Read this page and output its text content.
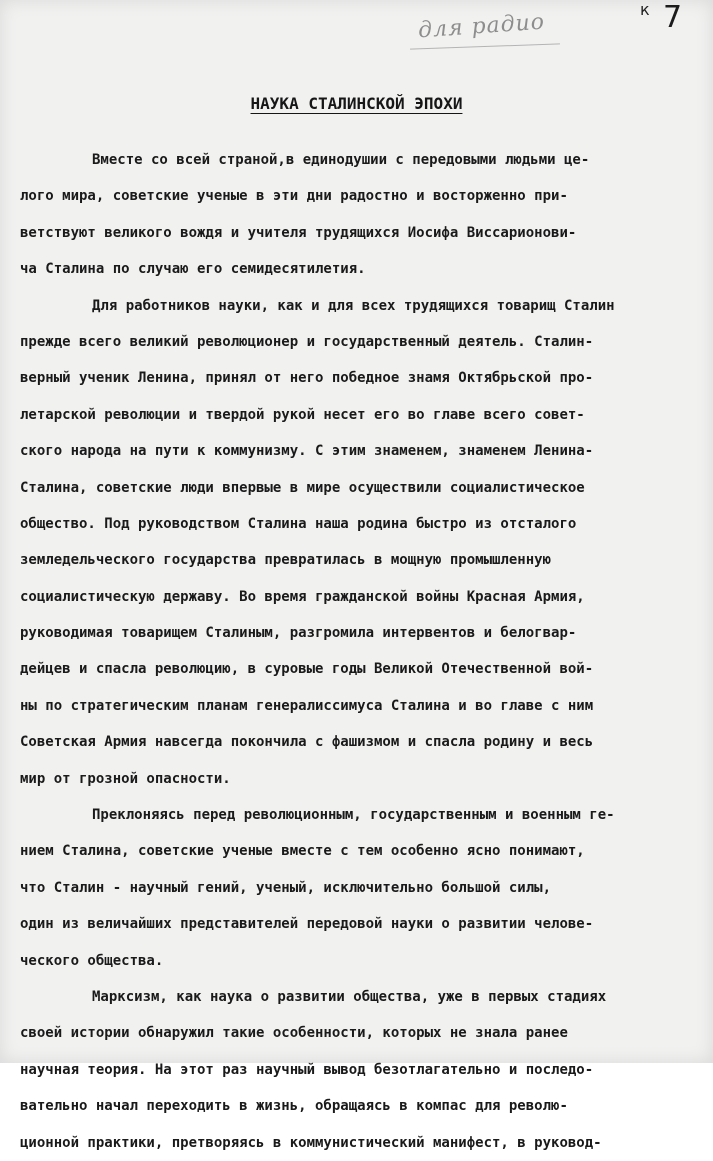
к 7
для радио
НАУКА СТАЛИНСКОЙ ЭПОХИ

Вместе со всей страной,в единодушии с передовыми людьми це-

лого мира, советские ученые в эти дни радостно и восторженно при-

ветствуют великого вождя и учителя трудящихся Иосифа Виссарионови-

ча Сталина по случаю его семидесятилетия.

Для работников науки, как и для всех трудящихся товарищ Сталин

прежде всего великий революционер и государственный деятель. Сталин-

верный ученик Ленина, принял от него победное знамя Октябрьской про-

летарской революции и твердой рукой несет его во главе всего совет-

ского народа на пути к коммунизму. С этим знаменем, знаменем Ленина-

Сталина, советские люди впервые в мире осуществили социалистическое

общество. Под руководством Сталина наша родина быстро из отсталого

земледельческого государства превратилась в мощную промышленную

социалистическую державу. Во время гражданской войны Красная Армия,

руководимая товарищем Сталиным, разгромила интервентов и белогвар-

дейцев и спасла революцию, в суровые годы Великой Отечественной вой-

ны по стратегическим планам генералиссимуса Сталина и во главе с ним

Советская Армия навсегда покончила с фашизмом и спасла родину и весь

мир от грозной опасности.

Преклоняясь перед революционным, государственным и военным ге-

нием Сталина, советские ученые вместе с тем особенно ясно понимают,

что Сталин - научный гений, ученый, исключительно большой силы,

один из величайших представителей передовой науки о развитии челове-

ческого общества.

Марксизм, как наука о развитии общества, уже в первых стадиях

своей истории обнаружил такие особенности, которых не знала ранее

научная теория. На этот раз научный вывод безотлагательно и последо-

вательно начал переходить в жизнь, обращаясь в компас для револю-

ционной практики, претворяясь в коммунистический манифест, в руковод-
